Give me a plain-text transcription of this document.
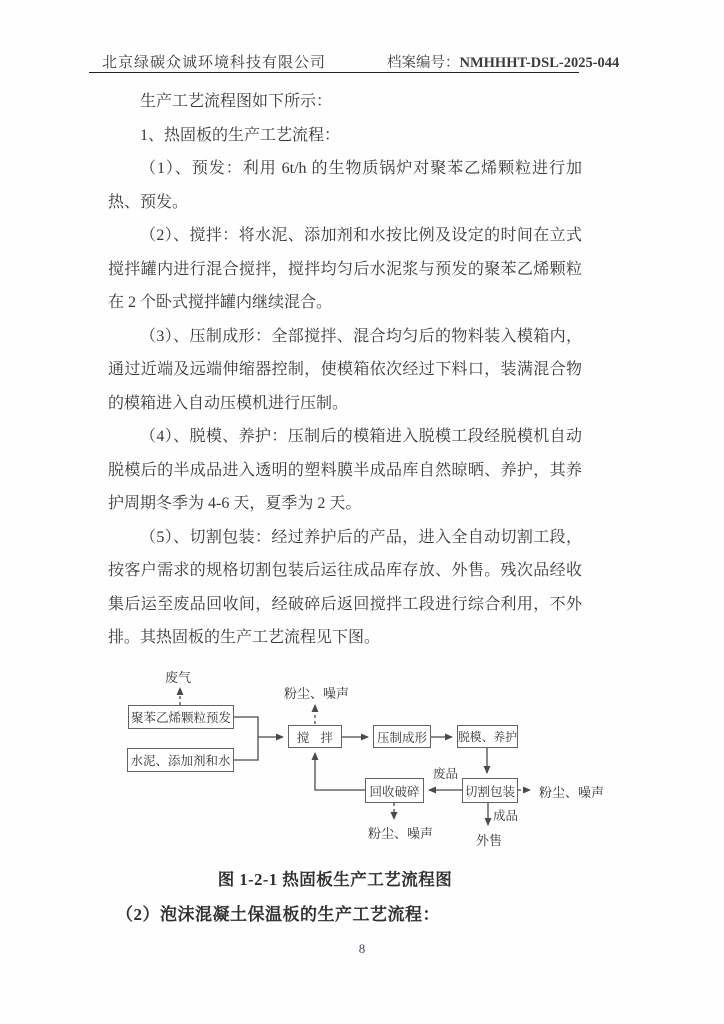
北京绿碳众诚环境科技有限公司	档案编号：NMHHHT-DSL-2025-044

生产工艺流程图如下所示：

1、热固板的生产工艺流程：

（1）、预发：利用 6t/h 的生物质锅炉对聚苯乙烯颗粒进行加热、预发。

（2）、搅拌：将水泥、添加剂和水按比例及设定的时间在立式搅拌罐内进行混合搅拌，搅拌均匀后水泥浆与预发的聚苯乙烯颗粒在 2 个卧式搅拌罐内继续混合。

（3）、压制成形：全部搅拌、混合均匀后的物料装入模箱内，通过近端及远端伸缩器控制，使模箱依次经过下料口，装满混合物的模箱进入自动压模机进行压制。

（4）、脱模、养护：压制后的模箱进入脱模工段经脱模机自动脱模后的半成品进入透明的塑料膜半成品库自然晾晒、养护，其养护周期冬季为 4-6 天，夏季为 2 天。

（5）、切割包装：经过养护后的产品，进入全自动切割工段，按客户需求的规格切割包装后运往成品库存放、外售。残次品经收集后运至废品回收间，经破碎后返回搅拌工段进行综合利用，不外排。其热固板的生产工艺流程见下图。

聚苯乙烯颗粒预发
水泥、添加剂和水
搅 拌	压制成形	脱模、养护
回收破碎	切割包装
废气
粉尘、噪声
废品
粉尘、噪声
成品
外售
粉尘、噪声
图 1-2-1 热固板生产工艺流程图
（2）泡沫混凝土保温板的生产工艺流程：
8
